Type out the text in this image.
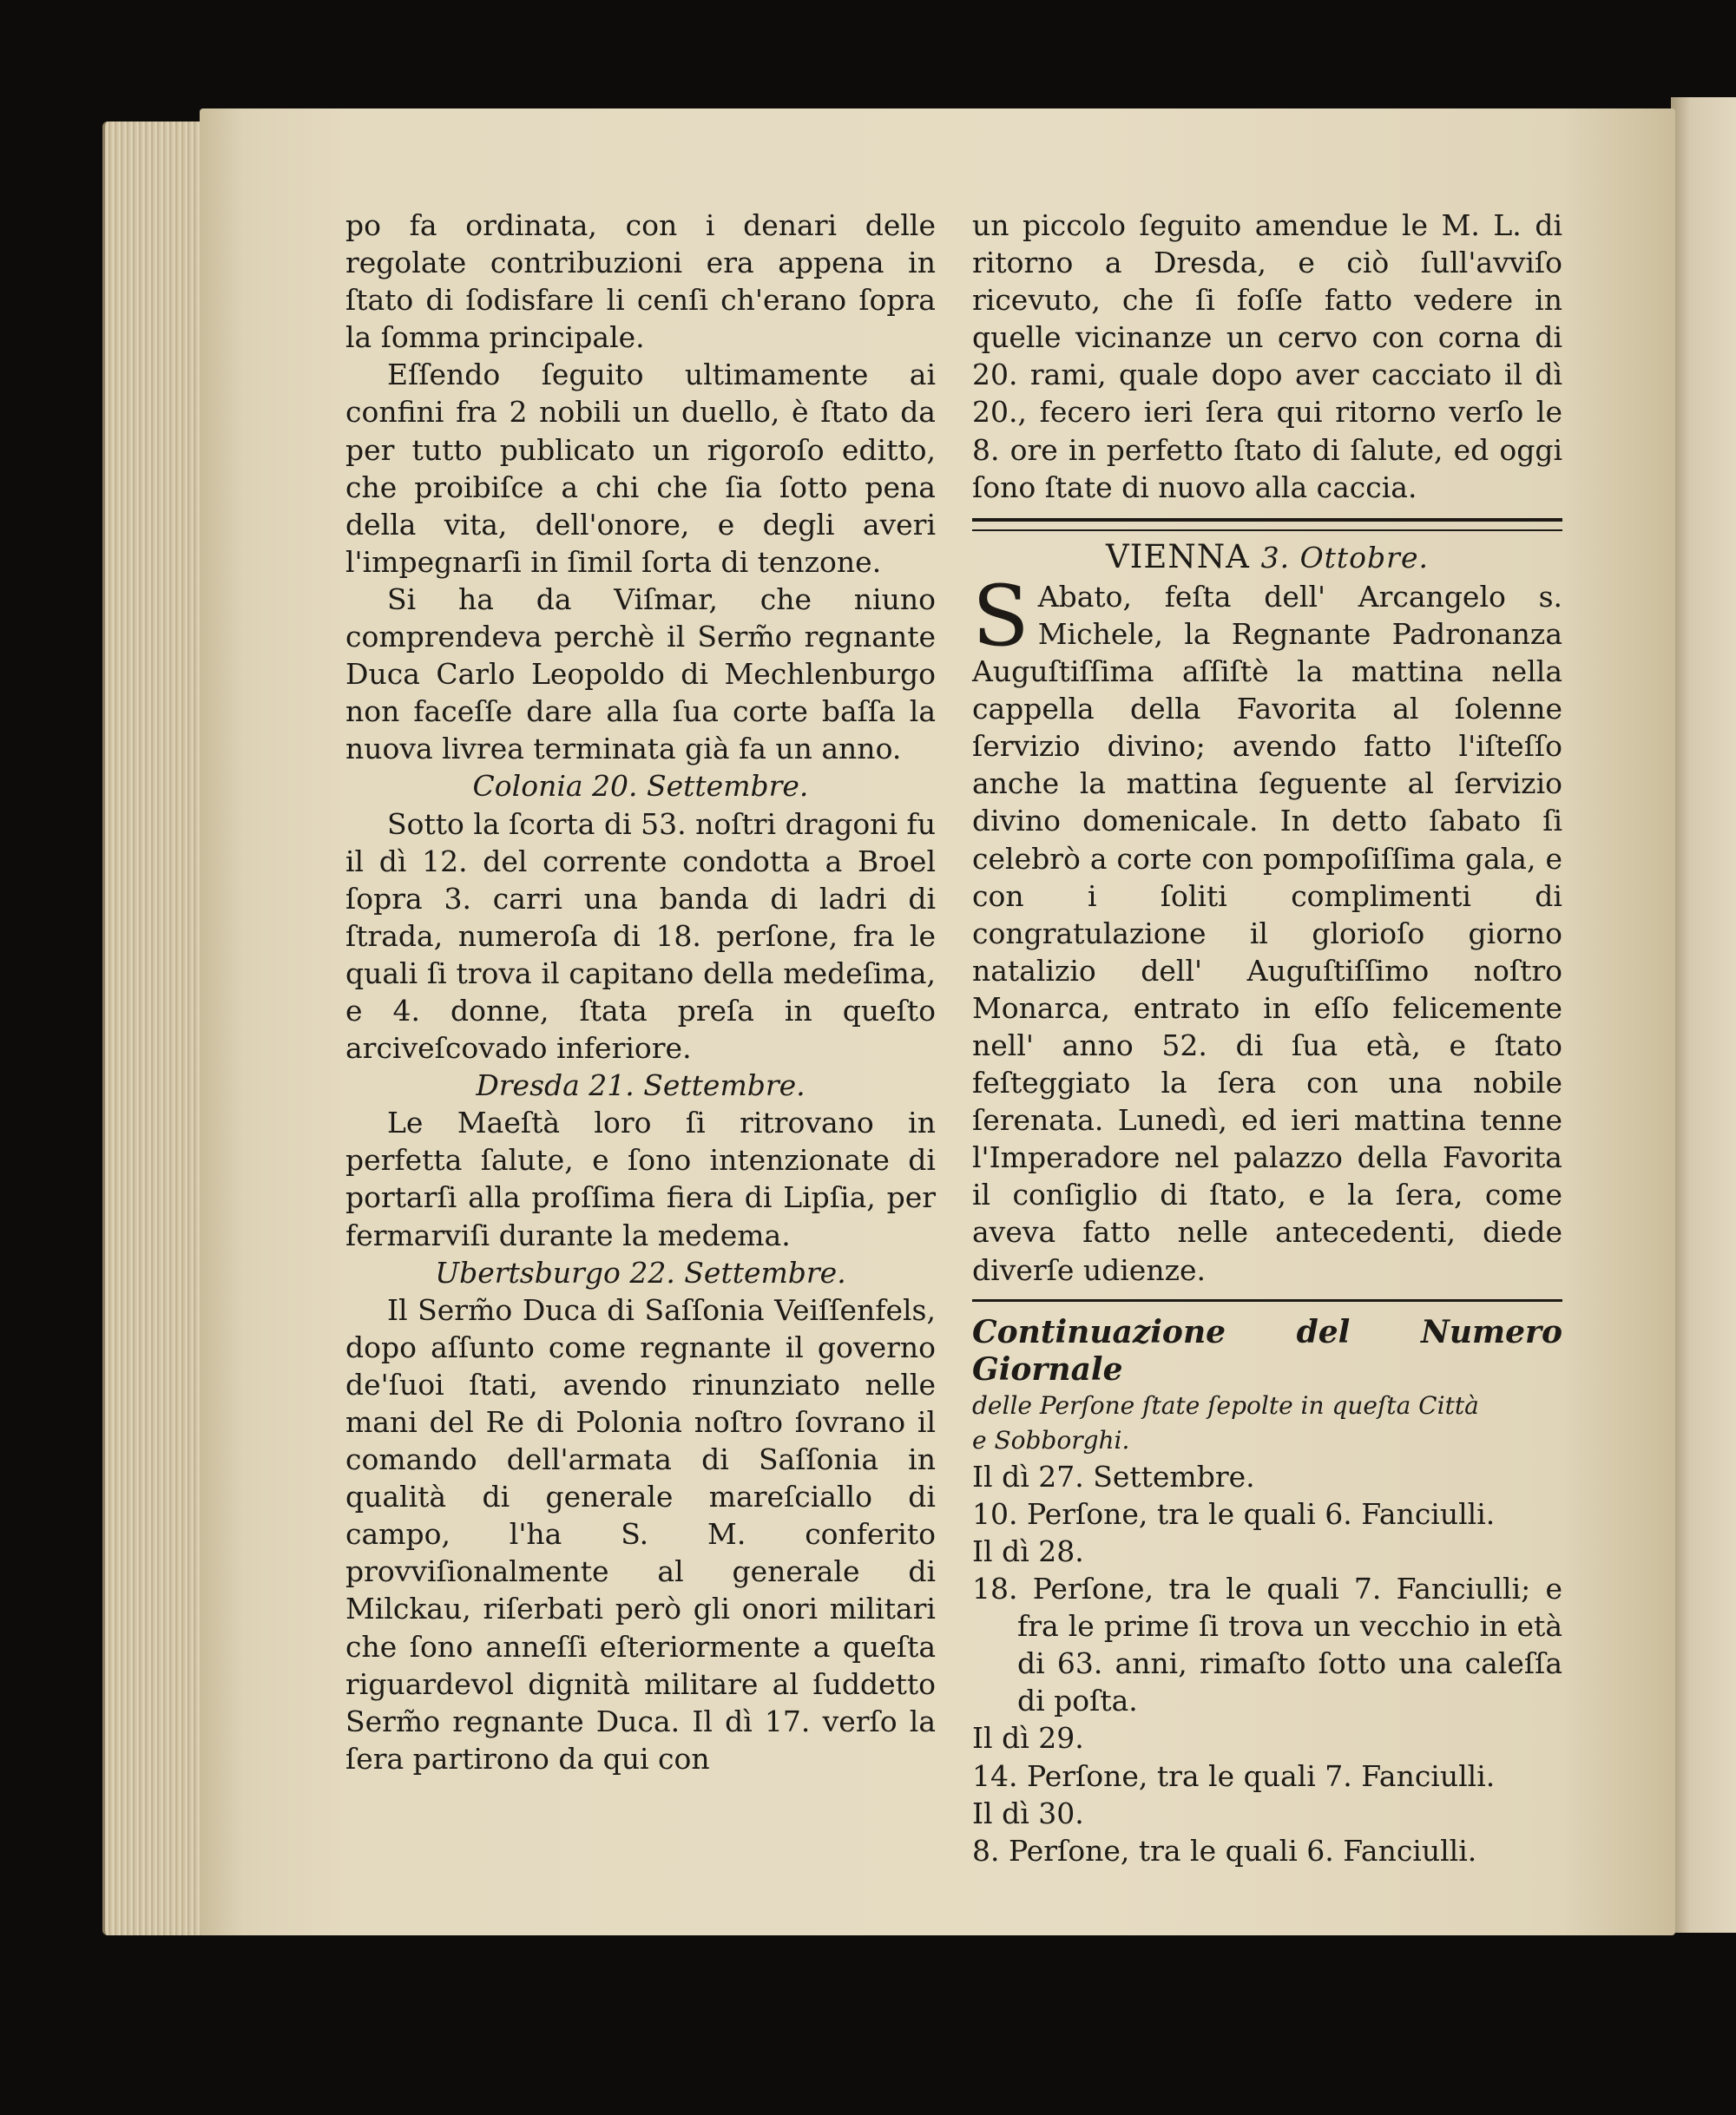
po fa ordinata, con i denari delle regolate contribuzioni era appena in ſtato di ſodisfare li cenſi ch'erano ſopra la ſomma principale.

Eſſendo ſeguito ultimamente ai confini fra 2 nobili un duello, è ſtato da per tutto publicato un rigoroſo editto, che proibiſce a chi che ſia ſotto pena della vita, dell'onore, e degli averi l'impegnarſi in ſimil ſorta di tenzone.

Si ha da Viſmar, che niuno comprendeva perchè il Serm̃o regnante Duca Carlo Leopoldo di Mechlenburgo non faceſſe dare alla ſua corte baſſa la nuova livrea terminata già fa un anno.

Colonia 20. Settembre.

Sotto la ſcorta di 53. noſtri dragoni fu il dì 12. del corrente condotta a Broel ſopra 3. carri una banda di ladri di ſtrada, numeroſa di 18. perſone, fra le quali ſi trova il capitano della medeſima, e 4. donne, ſtata preſa in queſto arciveſcovado inferiore.

Dresda 21. Settembre.

Le Maeſtà loro ſi ritrovano in perfetta ſalute, e ſono intenzionate di portarſi alla proſſima fiera di Lipſia, per fermarviſi durante la medema.

Ubertsburgo 22. Settembre.

Il Serm̃o Duca di Saſſonia Veiſſenfels, dopo aſſunto come regnante il governo de'ſuoi ſtati, avendo rinunziato nelle mani del Re di Polonia noſtro ſovrano il comando dell'armata di Saſſonia in qualità di generale mareſciallo di campo, l'ha S. M. conferito provviſionalmente al generale di Milckau, riſerbati però gli onori militari che ſono anneſſi eſteriormente a queſta riguardevol dignità militare al ſuddetto Serm̃o regnante Duca. Il dì 17. verſo la ſera partirono da qui con

un piccolo ſeguito amendue le M. L. di ritorno a Dresda, e ciò ſull'avviſo ricevuto, che ſi foſſe fatto vedere in quelle vicinanze un cervo con corna di 20. rami, quale dopo aver cacciato il dì 20., fecero ieri ſera qui ritorno verſo le 8. ore in perfetto ſtato di ſalute, ed oggi ſono ſtate di nuovo alla caccia.

VIENNA 3. Ottobre.

S Abato, feſta dell' Arcangelo s. Michele, la Regnante Padronanza Auguſtiſſima aſſiſtè la mattina nella cappella della Favorita al ſolenne ſervizio divino; avendo fatto l'iſteſſo anche la mattina ſeguente al ſervizio divino domenicale. In detto ſabato ſi celebrò a corte con pompoſiſſima gala, e con i ſoliti complimenti di congratulazione il glorioſo giorno natalizio dell' Auguſtiſſimo noſtro Monarca, entrato in eſſo felicemente nell' anno 52. di ſua età, e ſtato feſteggiato la ſera con una nobile ſerenata. Lunedì, ed ieri mattina tenne l'Imperadore nel palazzo della Favorita il conſiglio di ſtato, e la ſera, come aveva fatto nelle antecedenti, diede diverſe udienze.

Continuazione del Numero Giornale

delle Perſone ſtate ſepolte in queſta Città

e Sobborghi.

Il dì 27. Settembre.

10. Perſone, tra le quali 6. Fanciulli.

Il dì 28.

18. Perſone, tra le quali 7. Fanciulli; e fra le prime ſi trova un vecchio in età di 63. anni, rimaſto ſotto una caleſſa di poſta.

Il dì 29.

14. Perſone, tra le quali 7. Fanciulli.

Il dì 30.

8. Perſone, tra le quali 6. Fanciulli.
